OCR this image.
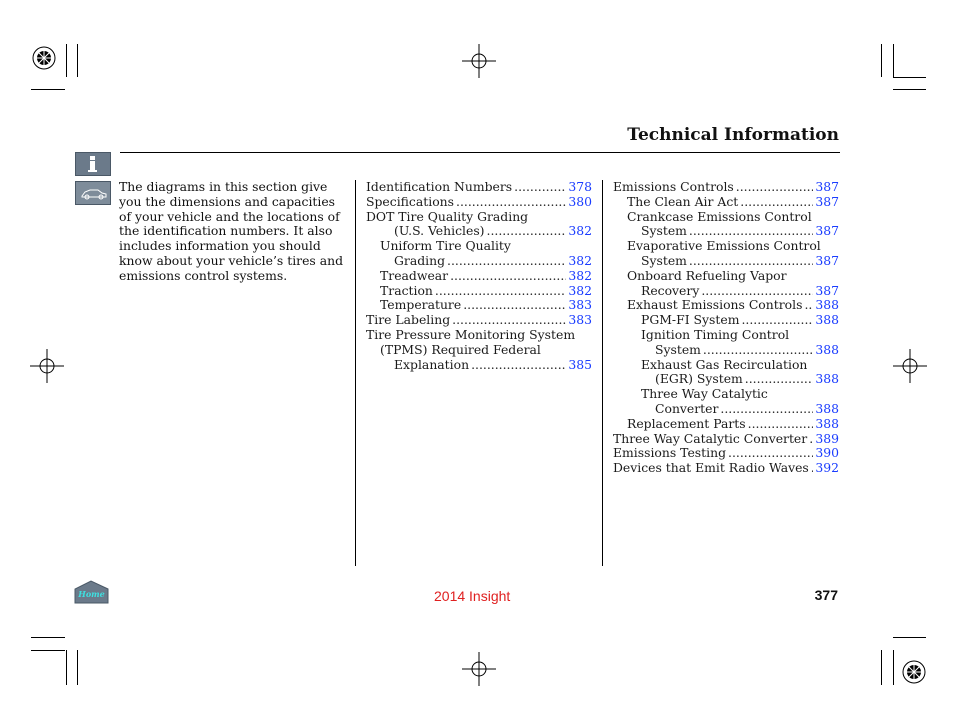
Technical Information
The diagrams in this section give you the dimensions and capacities of your vehicle and the locations of the identification numbers. It also includes information you should know about your vehicle’s tires and emissions control systems.
Identification Numbers .....	378
Specifications .....	380
DOT Tire Quality Grading
(U.S. Vehicles) .....	382
Uniform Tire Quality
Grading .....	382
Treadwear .....	382
Traction .....	382
Temperature .....	383
Tire Labeling .....	383
Tire Pressure Monitoring System
(TPMS) Required Federal
Explanation .....	385
Emissions Controls .....	387
The Clean Air Act .....	387
Crankcase Emissions Control
System .....	387
Evaporative Emissions Control
System .....	387
Onboard Refueling Vapor
Recovery .....	387
Exhaust Emissions Controls ..... 388
PGM-FI System .....	388
Ignition Timing Control
System .....	388
Exhaust Gas Recirculation
(EGR) System .....	388
Three Way Catalytic
Converter .....	388
Replacement Parts .....	388
Three Way Catalytic Converter ..... 389
Emissions Testing .....	390
Devices that Emit Radio Waves ..... 392
Home	2014 Insight	377
